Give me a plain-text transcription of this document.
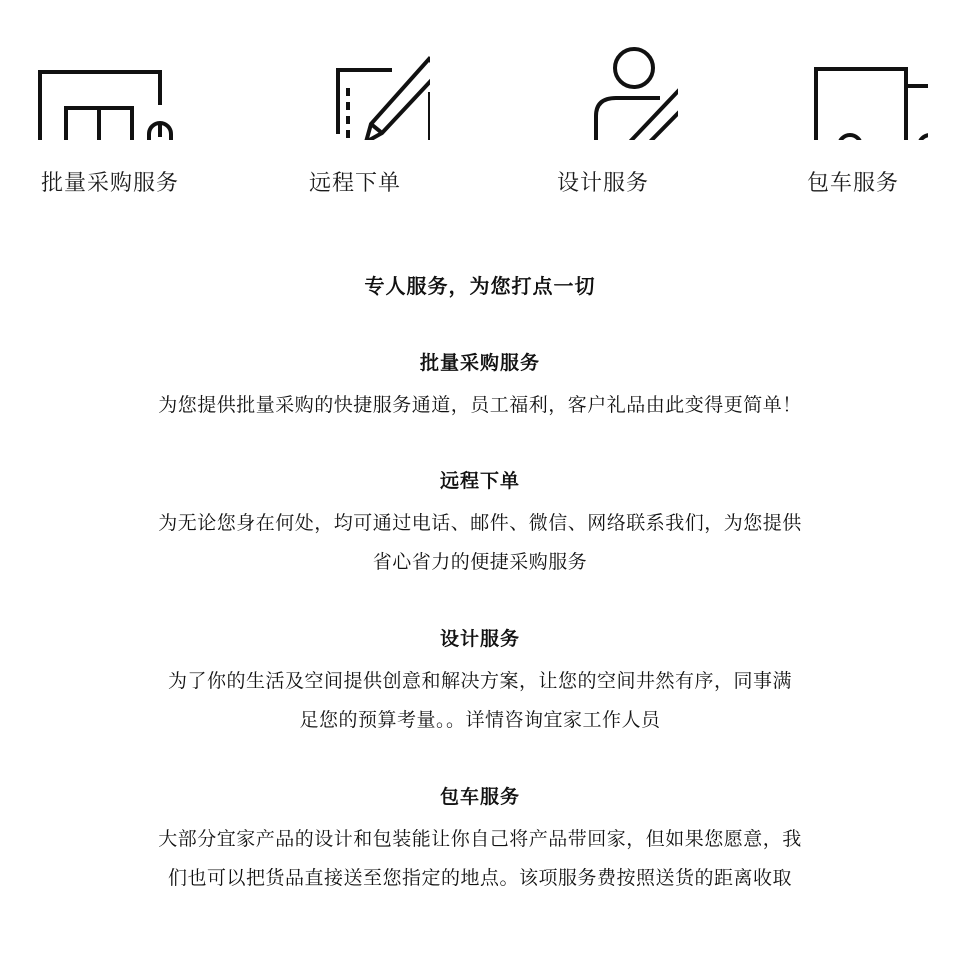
批量采购服务	远程下单	设计服务	包车服务
专人服务，为您打点一切
批量采购服务

为您提供批量采购的快捷服务通道，员工福利，客户礼品由此变得更简单！

远程下单

为无论您身在何处，均可通过电话、邮件、微信、网络联系我们，为您提供
省心省力的便捷采购服务

设计服务

为了你的生活及空间提供创意和解决方案，让您的空间井然有序，同事满
足您的预算考量。。详情咨询宜家工作人员

包车服务

大部分宜家产品的设计和包装能让你自己将产品带回家，但如果您愿意，我
们也可以把货品直接送至您指定的地点。该项服务费按照送货的距离收取
